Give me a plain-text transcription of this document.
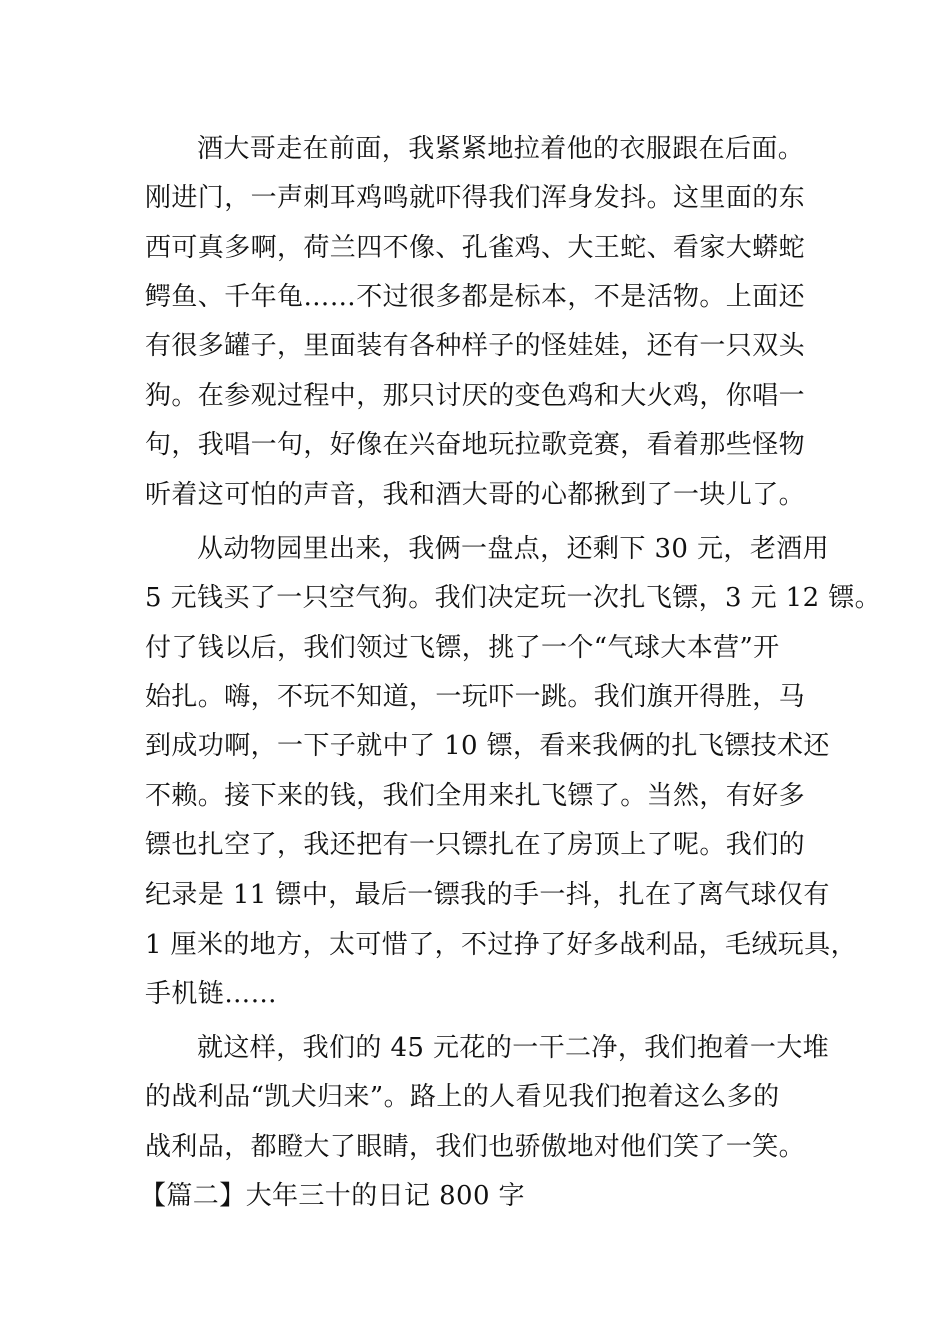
酒大哥走在前面，我紧紧地拉着他的衣服跟在后面。
刚进门，一声刺耳鸡鸣就吓得我们浑身发抖。这里面的东
西可真多啊，荷兰四不像、孔雀鸡、大王蛇、看家大蟒蛇
鳄鱼、千年龟……不过很多都是标本，不是活物。上面还
有很多罐子，里面装有各种样子的怪娃娃，还有一只双头
狗。在参观过程中，那只讨厌的变色鸡和大火鸡，你唱一
句，我唱一句，好像在兴奋地玩拉歌竞赛，看着那些怪物
听着这可怕的声音，我和酒大哥的心都揪到了一块儿了。
从动物园里出来，我俩一盘点，还剩下 30 元，老酒用
5 元钱买了一只空气狗。我们决定玩一次扎飞镖，3 元 12 镖。
付了钱以后，我们领过飞镖，挑了一个“气球大本营”开
始扎。嗨，不玩不知道，一玩吓一跳。我们旗开得胜，马
到成功啊，一下子就中了 10 镖，看来我俩的扎飞镖技术还
不赖。接下来的钱，我们全用来扎飞镖了。当然，有好多
镖也扎空了，我还把有一只镖扎在了房顶上了呢。我们的
纪录是 11 镖中，最后一镖我的手一抖，扎在了离气球仅有
1 厘米的地方，太可惜了，不过挣了好多战利品，毛绒玩具，
手机链……
就这样，我们的 45 元花的一干二净，我们抱着一大堆
的战利品“凯犬归来”。路上的人看见我们抱着这么多的
战利品，都瞪大了眼睛，我们也骄傲地对他们笑了一笑。
【篇二】大年三十的日记 800 字
